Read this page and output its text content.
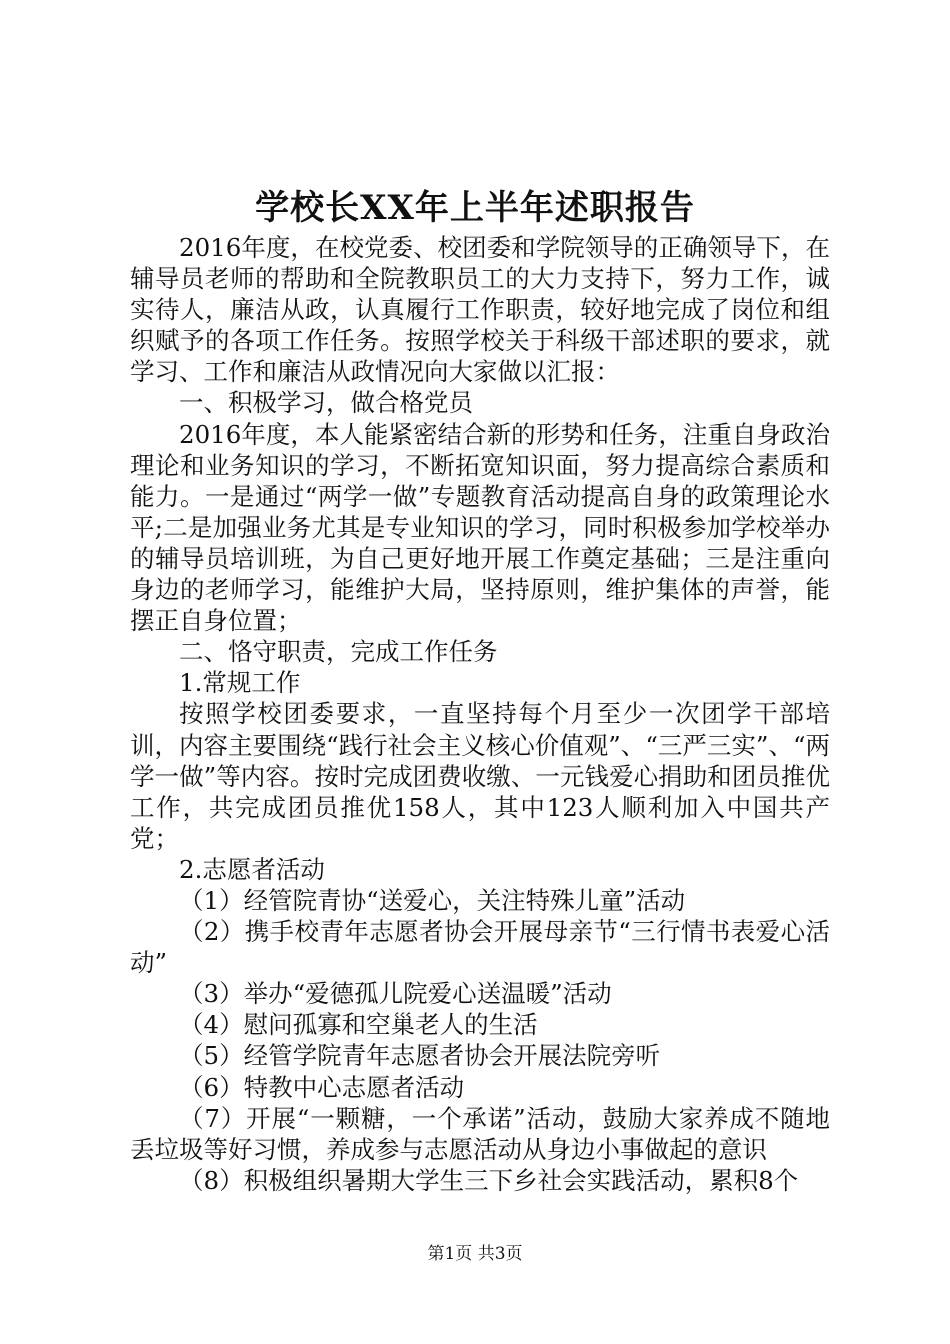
学校长XX年上半年述职报告

2016年度，在校党委、校团委和学院领导的正确领导下，在辅导员老师的帮助和全院教职员工的大力支持下，努力工作，诚实待人，廉洁从政，认真履行工作职责，较好地完成了岗位和组织赋予的各项工作任务。按照学校关于科级干部述职的要求，就学习、工作和廉洁从政情况向大家做以汇报：

一、积极学习，做合格党员

2016年度，本人能紧密结合新的形势和任务，注重自身政治理论和业务知识的学习，不断拓宽知识面，努力提高综合素质和能力。一是通过“两学一做”专题教育活动提高自身的政策理论水平;二是加强业务尤其是专业知识的学习，同时积极参加学校举办的辅导员培训班，为自己更好地开展工作奠定基础；三是注重向身边的老师学习，能维护大局，坚持原则，维护集体的声誉，能摆正自身位置；

二、恪守职责，完成工作任务

1.常规工作

按照学校团委要求，一直坚持每个月至少一次团学干部培训，内容主要围绕“践行社会主义核心价值观”、“三严三实”、“两学一做”等内容。按时完成团费收缴、一元钱爱心捐助和团员推优工作，共完成团员推优158人，其中123人顺利加入中国共产党；

2.志愿者活动

（1）经管院青协“送爱心，关注特殊儿童”活动

（2）携手校青年志愿者协会开展母亲节“三行情书表爱心活动”

（3）举办“爱德孤儿院爱心送温暖”活动

（4）慰问孤寡和空巢老人的生活

（5）经管学院青年志愿者协会开展法院旁听

（6）特教中心志愿者活动

（7）开展“一颗糖，一个承诺”活动，鼓励大家养成不随地丢垃圾等好习惯，养成参与志愿活动从身边小事做起的意识

（8）积极组织暑期大学生三下乡社会实践活动，累积8个

第1页 共3页
